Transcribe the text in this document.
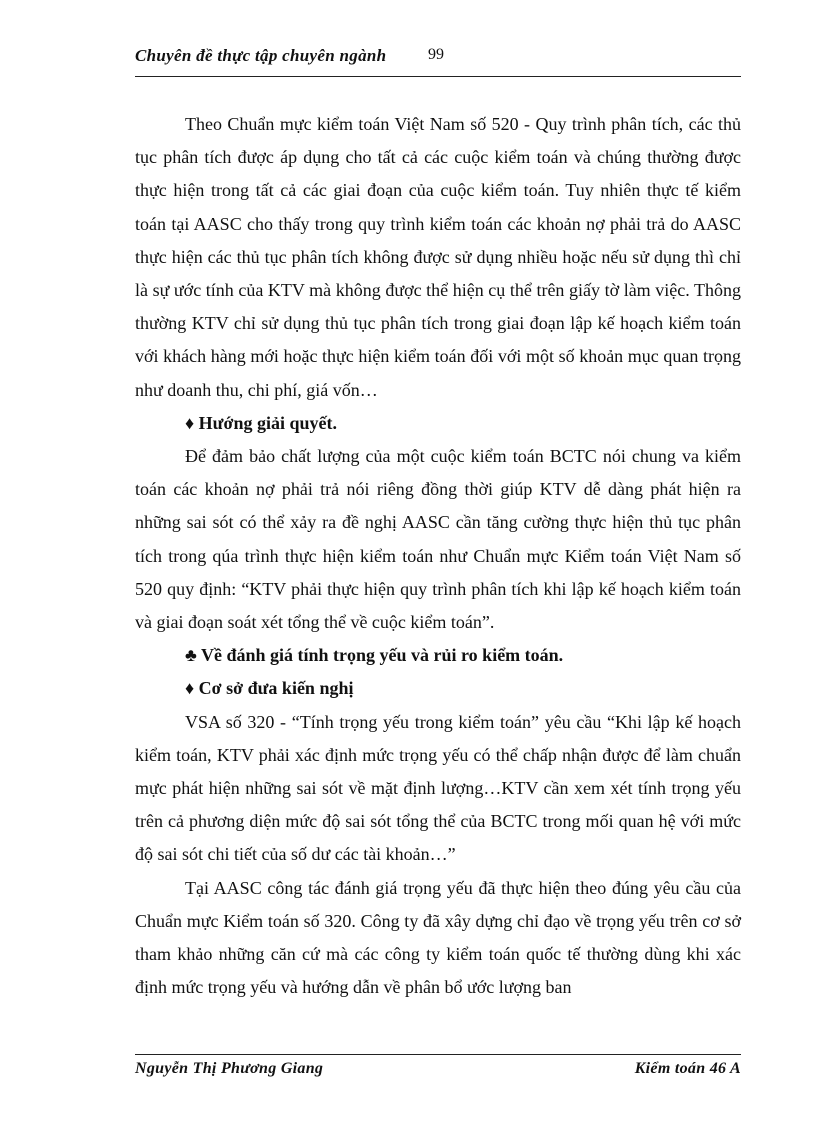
Chuyên đề thực tập chuyên ngành	99

Theo Chuẩn mực kiểm toán Việt Nam số 520 - Quy trình phân tích, các thủ tục phân tích được áp dụng cho tất cả các cuộc kiểm toán và chúng thường được thực hiện trong tất cả các giai đoạn của cuộc kiểm toán. Tuy nhiên thực tế kiểm toán tại AASC cho thấy trong quy trình kiểm toán các khoản nợ phải trả do AASC thực hiện các thủ tục phân tích không được sử dụng nhiều hoặc nếu sử dụng thì chỉ là sự ước tính của KTV mà không được thể hiện cụ thể trên giấy tờ làm việc. Thông thường KTV chỉ sử dụng thủ tục phân tích trong giai đoạn lập kế hoạch kiểm toán với khách hàng mới hoặc thực hiện kiểm toán đối với một số khoản mục quan trọng như doanh thu, chi phí, giá vốn…

♦ Hướng giải quyết.

Để đảm bảo chất lượng của một cuộc kiểm toán BCTC nói chung va kiểm toán các khoản nợ phải trả nói riêng đồng thời giúp KTV dễ dàng phát hiện ra những sai sót có thể xảy ra đề nghị AASC cần tăng cường thực hiện thủ tục phân tích trong qúa trình thực hiện kiểm toán như Chuẩn mực Kiểm toán Việt Nam số 520 quy định: “KTV phải thực hiện quy trình phân tích khi lập kế hoạch kiểm toán và giai đoạn soát xét tổng thể về cuộc kiểm toán”.

♣ Về đánh giá tính trọng yếu và rủi ro kiểm toán.

♦ Cơ sở đưa kiến nghị

VSA số 320 - “Tính trọng yếu trong kiểm toán” yêu cầu “Khi lập kế hoạch kiểm toán, KTV phải xác định mức trọng yếu có thể chấp nhận được để làm chuẩn mực phát hiện những sai sót về mặt định lượng…KTV cần xem xét tính trọng yếu trên cả phương diện mức độ sai sót tổng thể của BCTC trong mối quan hệ với mức độ sai sót chi tiết của số dư các tài khoản…”

Tại AASC công tác đánh giá trọng yếu đã thực hiện theo đúng yêu cầu của Chuẩn mực Kiểm toán số 320. Công ty đã xây dựng chỉ đạo về trọng yếu trên cơ sở tham khảo những căn cứ mà các công ty kiểm toán quốc tế thường dùng khi xác định mức trọng yếu và hướng dẫn về phân bổ ước lượng ban

Nguyễn Thị Phương Giang	Kiểm toán 46 A
